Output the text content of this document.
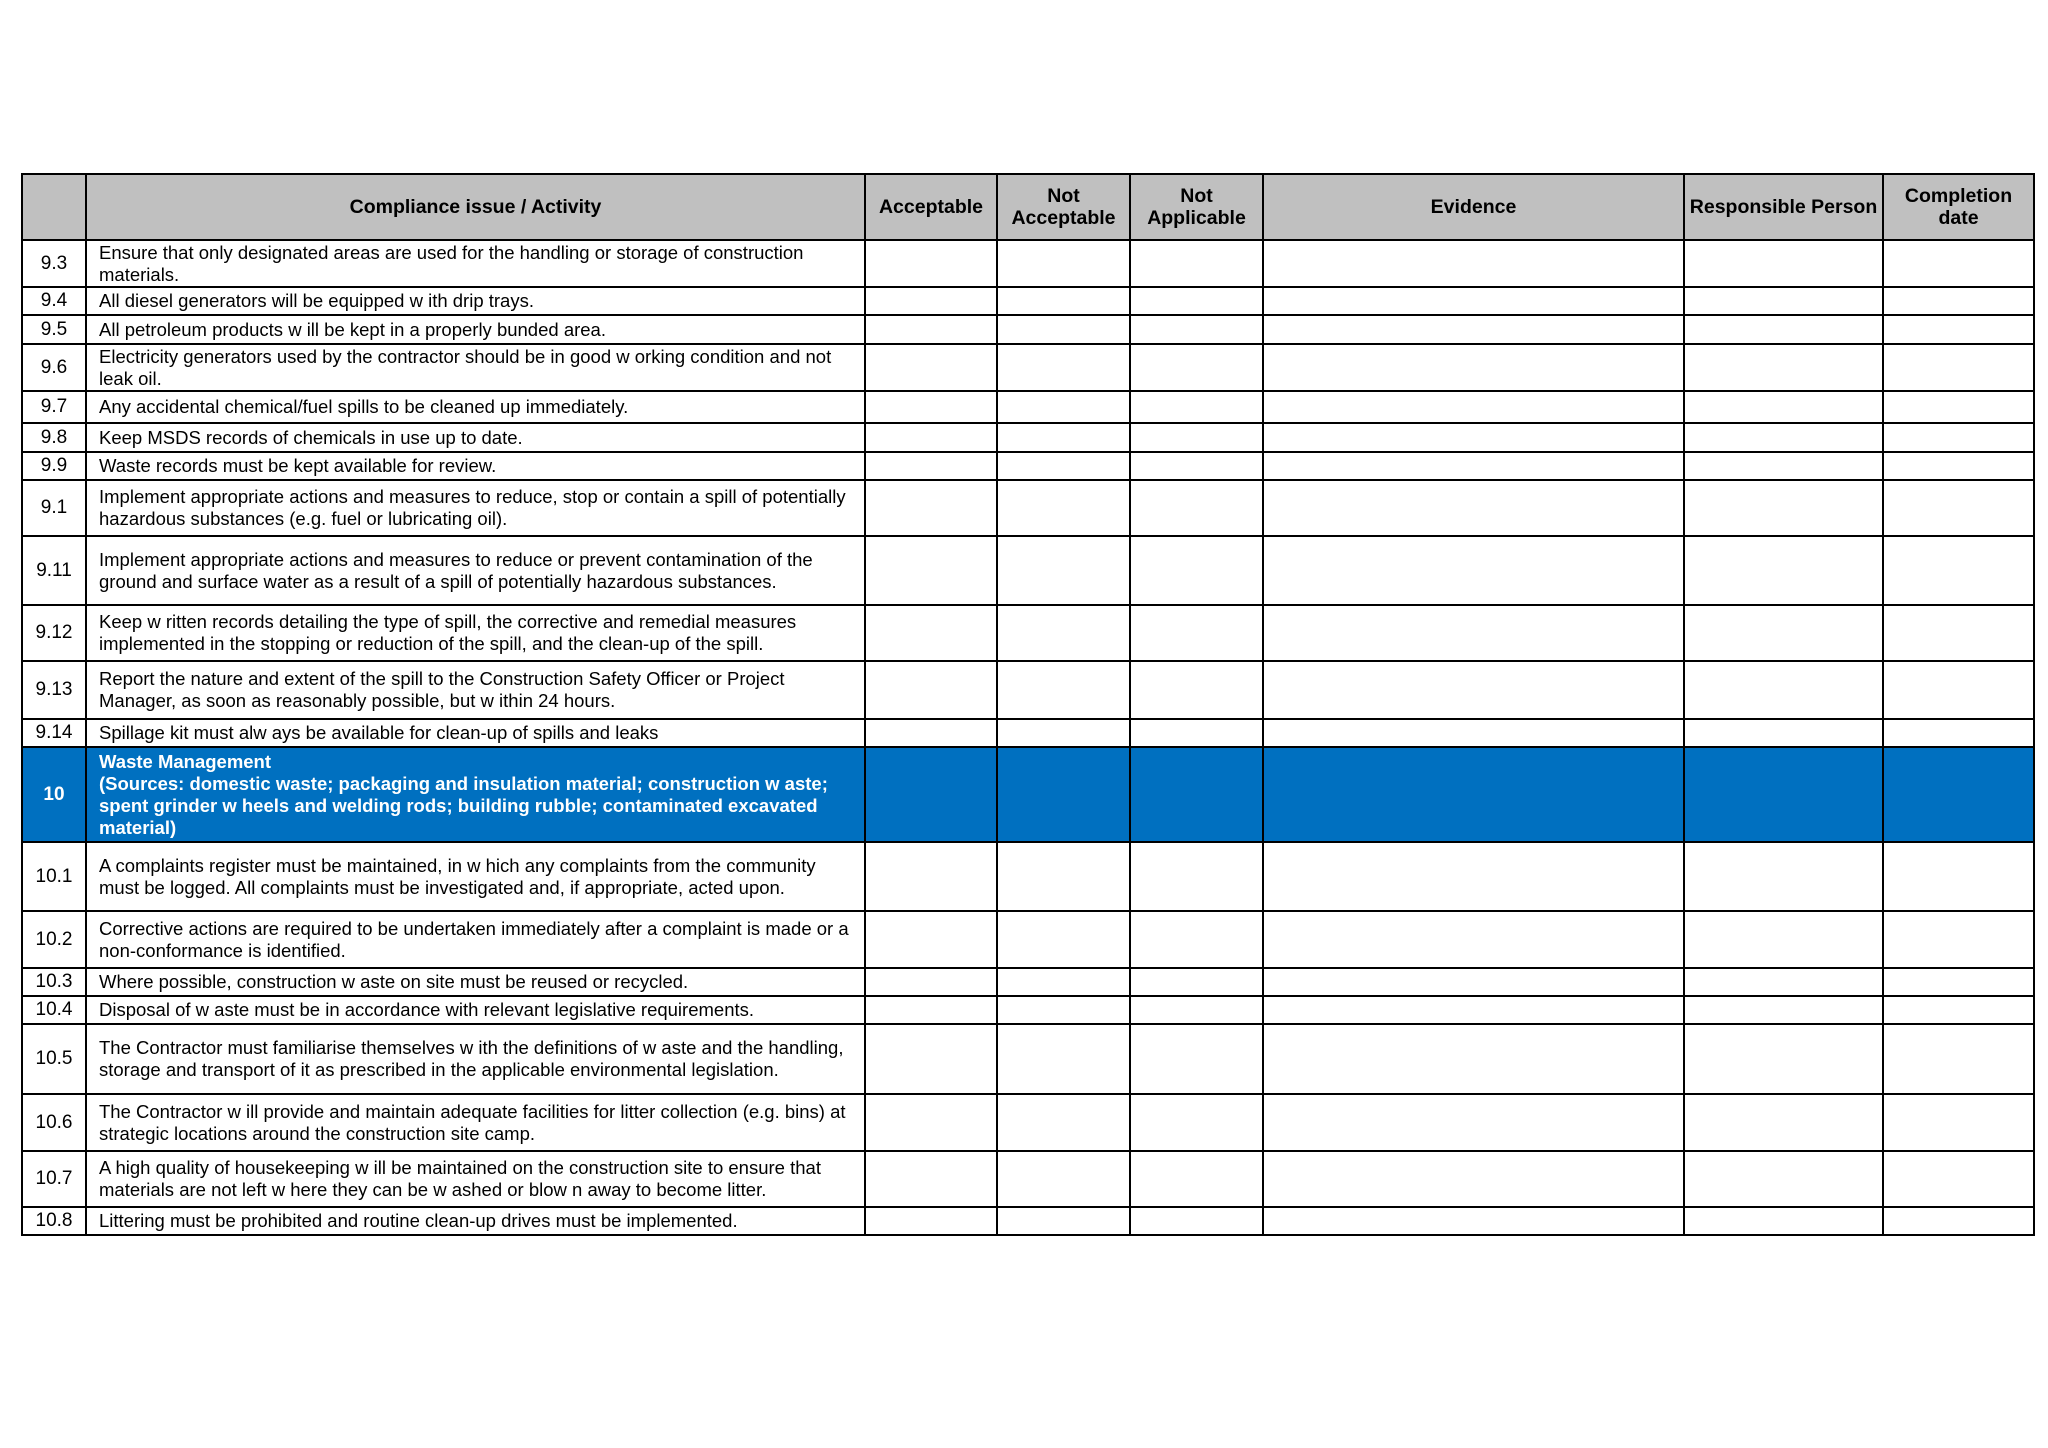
	Compliance issue / Activity	Acceptable	Not Acceptable	Not Applicable	Evidence	Responsible Person	Completion date
9.3	Ensure that only designated areas are used for the handling or storage of construction materials.						
9.4	All diesel generators will be equipped w ith drip trays.						
9.5	All petroleum products w ill be kept in a properly bunded area.						
9.6	Electricity generators used by the contractor should be in good w orking condition and not leak oil.						
9.7	Any accidental chemical/fuel spills to be cleaned up immediately.						
9.8	Keep MSDS records of chemicals in use up to date.						
9.9	Waste records must be kept available for review.						
9.1	Implement appropriate actions and measures to reduce, stop or contain a spill of potentially hazardous substances (e.g. fuel or lubricating oil).						
9.11	Implement appropriate actions and measures to reduce or prevent contamination of the ground and surface water as a result of a spill of potentially hazardous substances.						
9.12	Keep w ritten records detailing the type of spill, the corrective and remedial measures implemented in the stopping or reduction of the spill, and the clean-up of the spill.						
9.13	Report the nature and extent of the spill to the Construction Safety Officer or Project Manager, as soon as reasonably possible, but w ithin 24 hours.						
9.14	Spillage kit must alw ays be available for clean-up of spills and leaks						
10	Waste Management
(Sources: domestic waste; packaging and insulation material; construction w aste; spent grinder w heels and welding rods; building rubble; contaminated excavated material)						

10.1	A complaints register must be maintained, in w hich any complaints from the community must be logged. All complaints must be investigated and, if appropriate, acted upon.						
10.2	Corrective actions are required to be undertaken immediately after a complaint is made or a non-conformance is identified.						
10.3	Where possible, construction w aste on site must be reused or recycled.						
10.4	Disposal of w aste must be in accordance with relevant legislative requirements.						
10.5	The Contractor must familiarise themselves w ith the definitions of w aste and the handling, storage and transport of it as prescribed in the applicable environmental legislation.						
10.6	The Contractor w ill provide and maintain adequate facilities for litter collection (e.g. bins) at strategic locations around the construction site camp.						
10.7	A high quality of housekeeping w ill be maintained on the construction site to ensure that materials are not left w here they can be w ashed or blow n away to become litter.						
10.8	Littering must be prohibited and routine clean-up drives must be implemented.						
